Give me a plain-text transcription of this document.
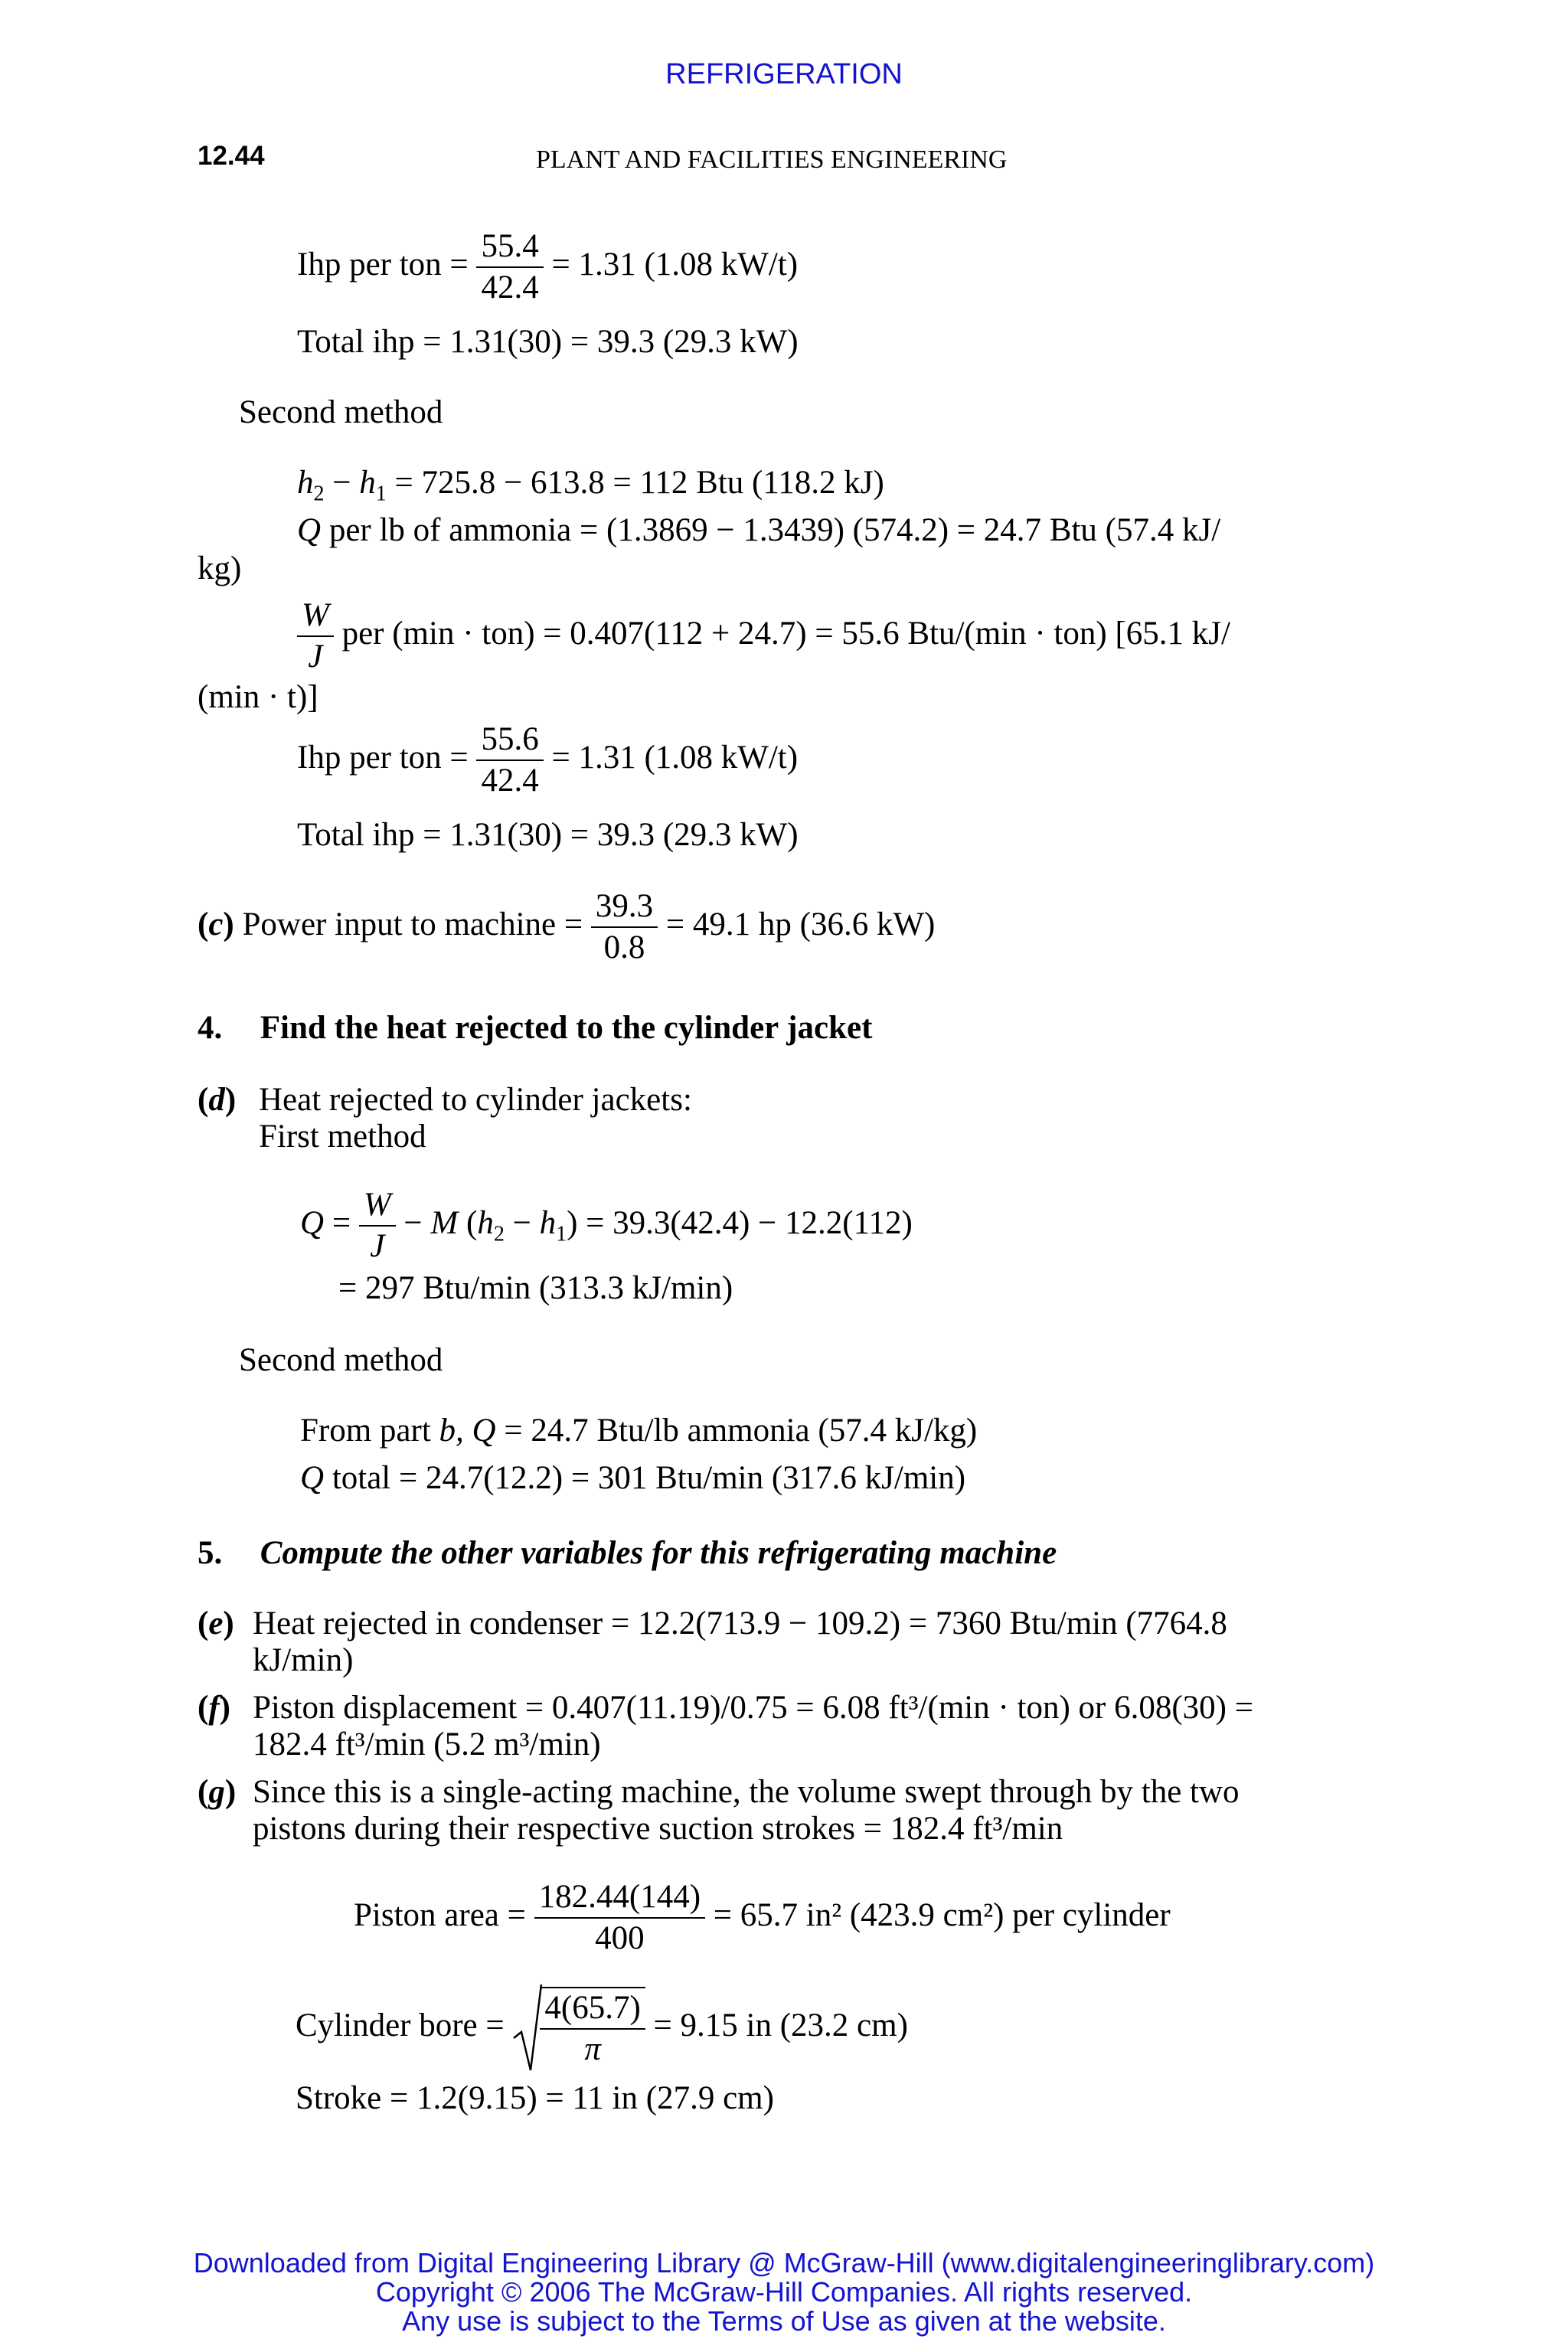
REFRIGERATION
12.44	PLANT AND FACILITIES ENGINEERING
Ihp per ton = $\frac{55.4}{42.4} = 1.31$ (1.08 kW/t)
Total ihp = 1.31(30) = 39.3 (29.3 kW)
Second method
$h_2 - h_1 = 725.8 - 613.8 = 112$ Btu (118.2 kJ)
Q per lb of ammonia = (1.3869 − 1.3439) (574.2) = 24.7 Btu (57.4 kJ/
kg)
$\frac{W}{J}$ per (min · ton) = 0.407(112 + 24.7) = 55.6 Btu/(min · ton) [65.1 kJ/
(min · t)]
Ihp per ton = $\frac{55.6}{42.4} = 1.31$ (1.08 kW/t)
Total ihp = 1.31(30) = 39.3 (29.3 kW)
(c) Power input to machine = $\frac{39.3}{0.8} = 49.1$ hp (36.6 kW)
4. Find the heat rejected to the cylinder jacket
(d) Heat rejected to cylinder jackets:
First method
$Q = \frac{W}{J} - M$ $(h_2 - h_1) = 39.3(42.4) - 12.2(112)$
= 297 Btu/min (313.3 kJ/min)
Second method
From part b, Q = 24.7 Btu/lb ammonia (57.4 kJ/kg)
Q total = 24.7(12.2) = 301 Btu/min (317.6 kJ/min)
5. Compute the other variables for this refrigerating machine
(e) Heat rejected in condenser = 12.2(713.9 − 109.2) = 7360 Btu/min (7764.8
kJ/min)
(f) Piston displacement = 0.407(11.19)/0.75 = 6.08 ft³/(min · ton) or 6.08(30) =
182.4 ft³/min (5.2 m³/min)
(g) Since this is a single-acting machine, the volume swept through by the two
pistons during their respective suction strokes = 182.4 ft³/min
Piston area = $\frac{182.44(144)}{400} = 65.7$ in² (423.9 cm²) per cylinder
Cylinder bore = $\frac{4(65.7)}{\pi} = 9.15$ in (23.2 cm)
Stroke = 1.2(9.15) = 11 in (27.9 cm)
Downloaded from Digital Engineering Library @ McGraw-Hill (www.digitalengineeringlibrary.com)
Copyright © 2006 The McGraw-Hill Companies. All rights reserved.
Any use is subject to the Terms of Use as given at the website.
